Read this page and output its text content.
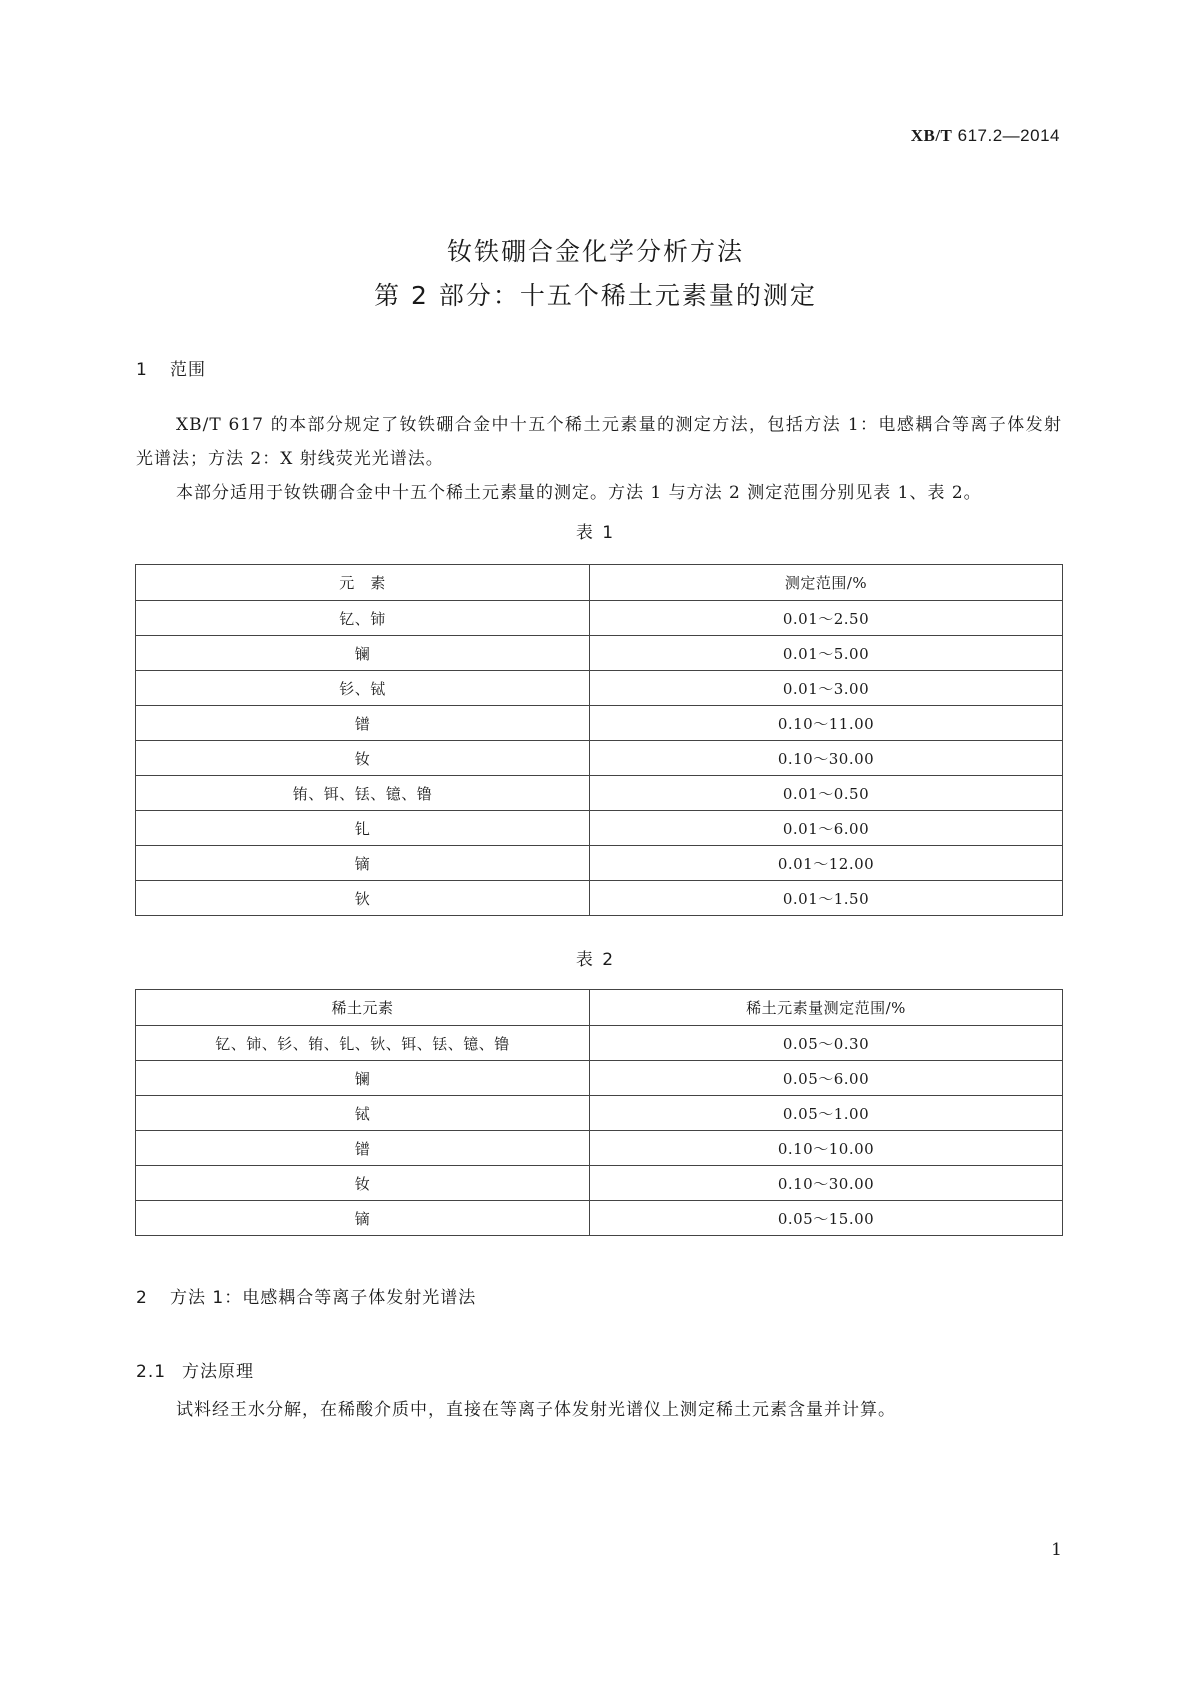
XB/T 617.2—2014
钕铁硼合金化学分析方法
第 2 部分：十五个稀土元素量的测定
1 范围
XB/T 617 的本部分规定了钕铁硼合金中十五个稀土元素量的测定方法，包括方法 1：电感耦合等离子体发射光谱法；方法 2：X 射线荧光光谱法。
本部分适用于钕铁硼合金中十五个稀土元素量的测定。方法 1 与方法 2 测定范围分别见表 1、表 2。
表 1
元　素	测定范围/%
钇、铈	0.01～2.50
镧	0.01～5.00
钐、铽	0.01～3.00
镨	0.10～11.00
钕	0.10～30.00
铕、铒、铥、镱、镥	0.01～0.50
钆	0.01～6.00
镝	0.01～12.00
钬	0.01～1.50
表 2
稀土元素	稀土元素量测定范围/%
钇、铈、钐、铕、钆、钬、铒、铥、镱、镥	0.05～0.30
镧	0.05～6.00
铽	0.05～1.00
镨	0.10～10.00
钕	0.10～30.00
镝	0.05～15.00
2 方法 1：电感耦合等离子体发射光谱法
2.1 方法原理
试料经王水分解，在稀酸介质中，直接在等离子体发射光谱仪上测定稀土元素含量并计算。
1
